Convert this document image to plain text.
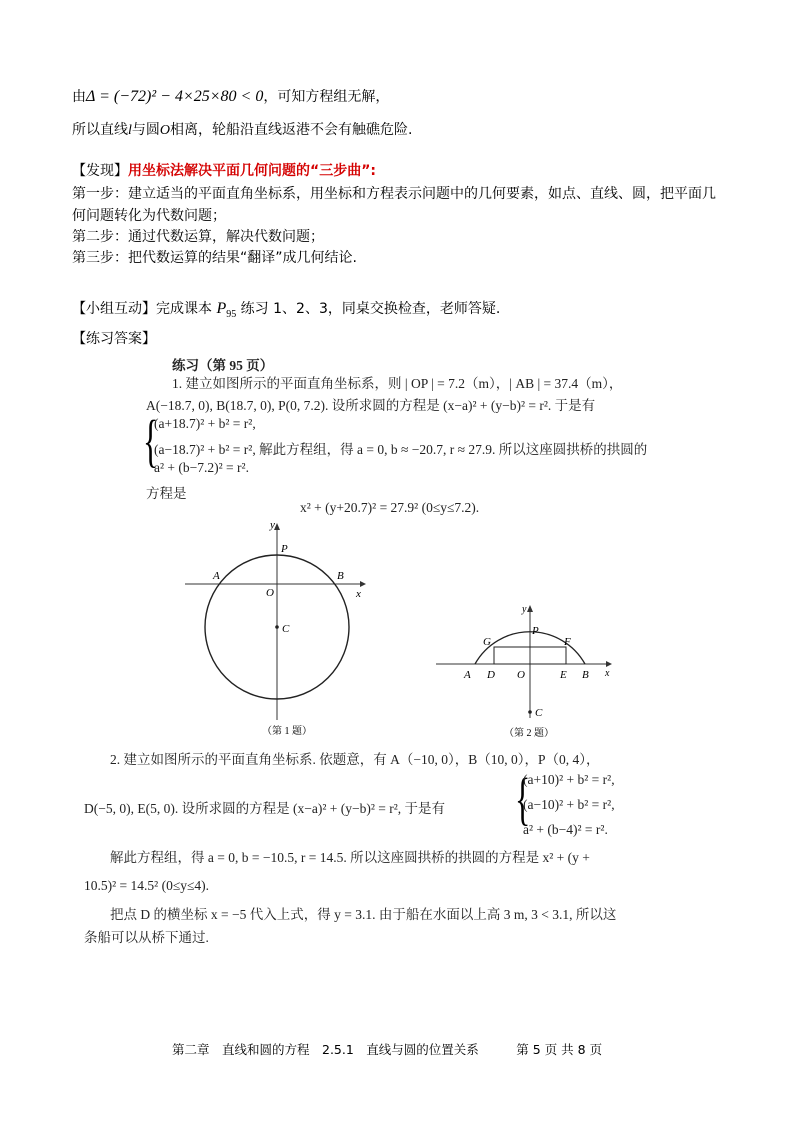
由Δ = (−72)² − 4×25×80 < 0，可知方程组无解，
所以直线l与圆O相离，轮船沿直线返港不会有触礁危险.
【发现】用坐标法解决平面几何问题的“三步曲”:
第一步：建立适当的平面直角坐标系，用坐标和方程表示问题中的几何要素，如点、直线、圆，把平面几
何问题转化为代数问题；
第二步：通过代数运算，解决代数问题；
第三步：把代数运算的结果“翻译”成几何结论.
【小组互动】完成课本 $P_{95}$ 练习 1、2、3，同桌交换检查，老师答疑.
【练习答案】
练习（第 95 页）
1. 建立如图所示的平面直角坐标系，则 | OP | = 7.2（m），| AB | = 37.4（m），
A(−18.7, 0), B(18.7, 0), P(0, 7.2). 设所求圆的方程是 (x−a)² + (y−b)² = r². 于是有
{
(a+18.7)² + b² = r²,
(a−18.7)² + b² = r², 解此方程组，得 a = 0, b ≈ −20.7, r ≈ 27.9. 所以这座圆拱桥的拱圆的
a² + (b−7.2)² = r².
方程是
x² + (y+20.7)² = 27.9² (0≤y≤7.2).
y
x
P
A	B
O
C
（第 1 题）
y
x
G
P
F
A D O	E B
C
（第 2 题）
2. 建立如图所示的平面直角坐标系. 依题意，有 A（−10, 0），B（10, 0），P（0, 4），
D(−5, 0), E(5, 0). 设所求圆的方程是 (x−a)² + (y−b)² = r², 于是有 {
(a+10)² + b² = r²,
(a−10)² + b² = r²,
a² + (b−4)² = r².
解此方程组，得 a = 0, b = −10.5, r = 14.5. 所以这座圆拱桥的拱圆的方程是 x² + (y +
10.5)² = 14.5² (0≤y≤4).
把点 D 的横坐标 x = −5 代入上式，得 y = 3.1. 由于船在水面以上高 3 m, 3 < 3.1, 所以这
条船可以从桥下通过.
第二章　直线和圆的方程　2.5.1　直线与圆的位置关系　　　第 5 页 共 8 页
